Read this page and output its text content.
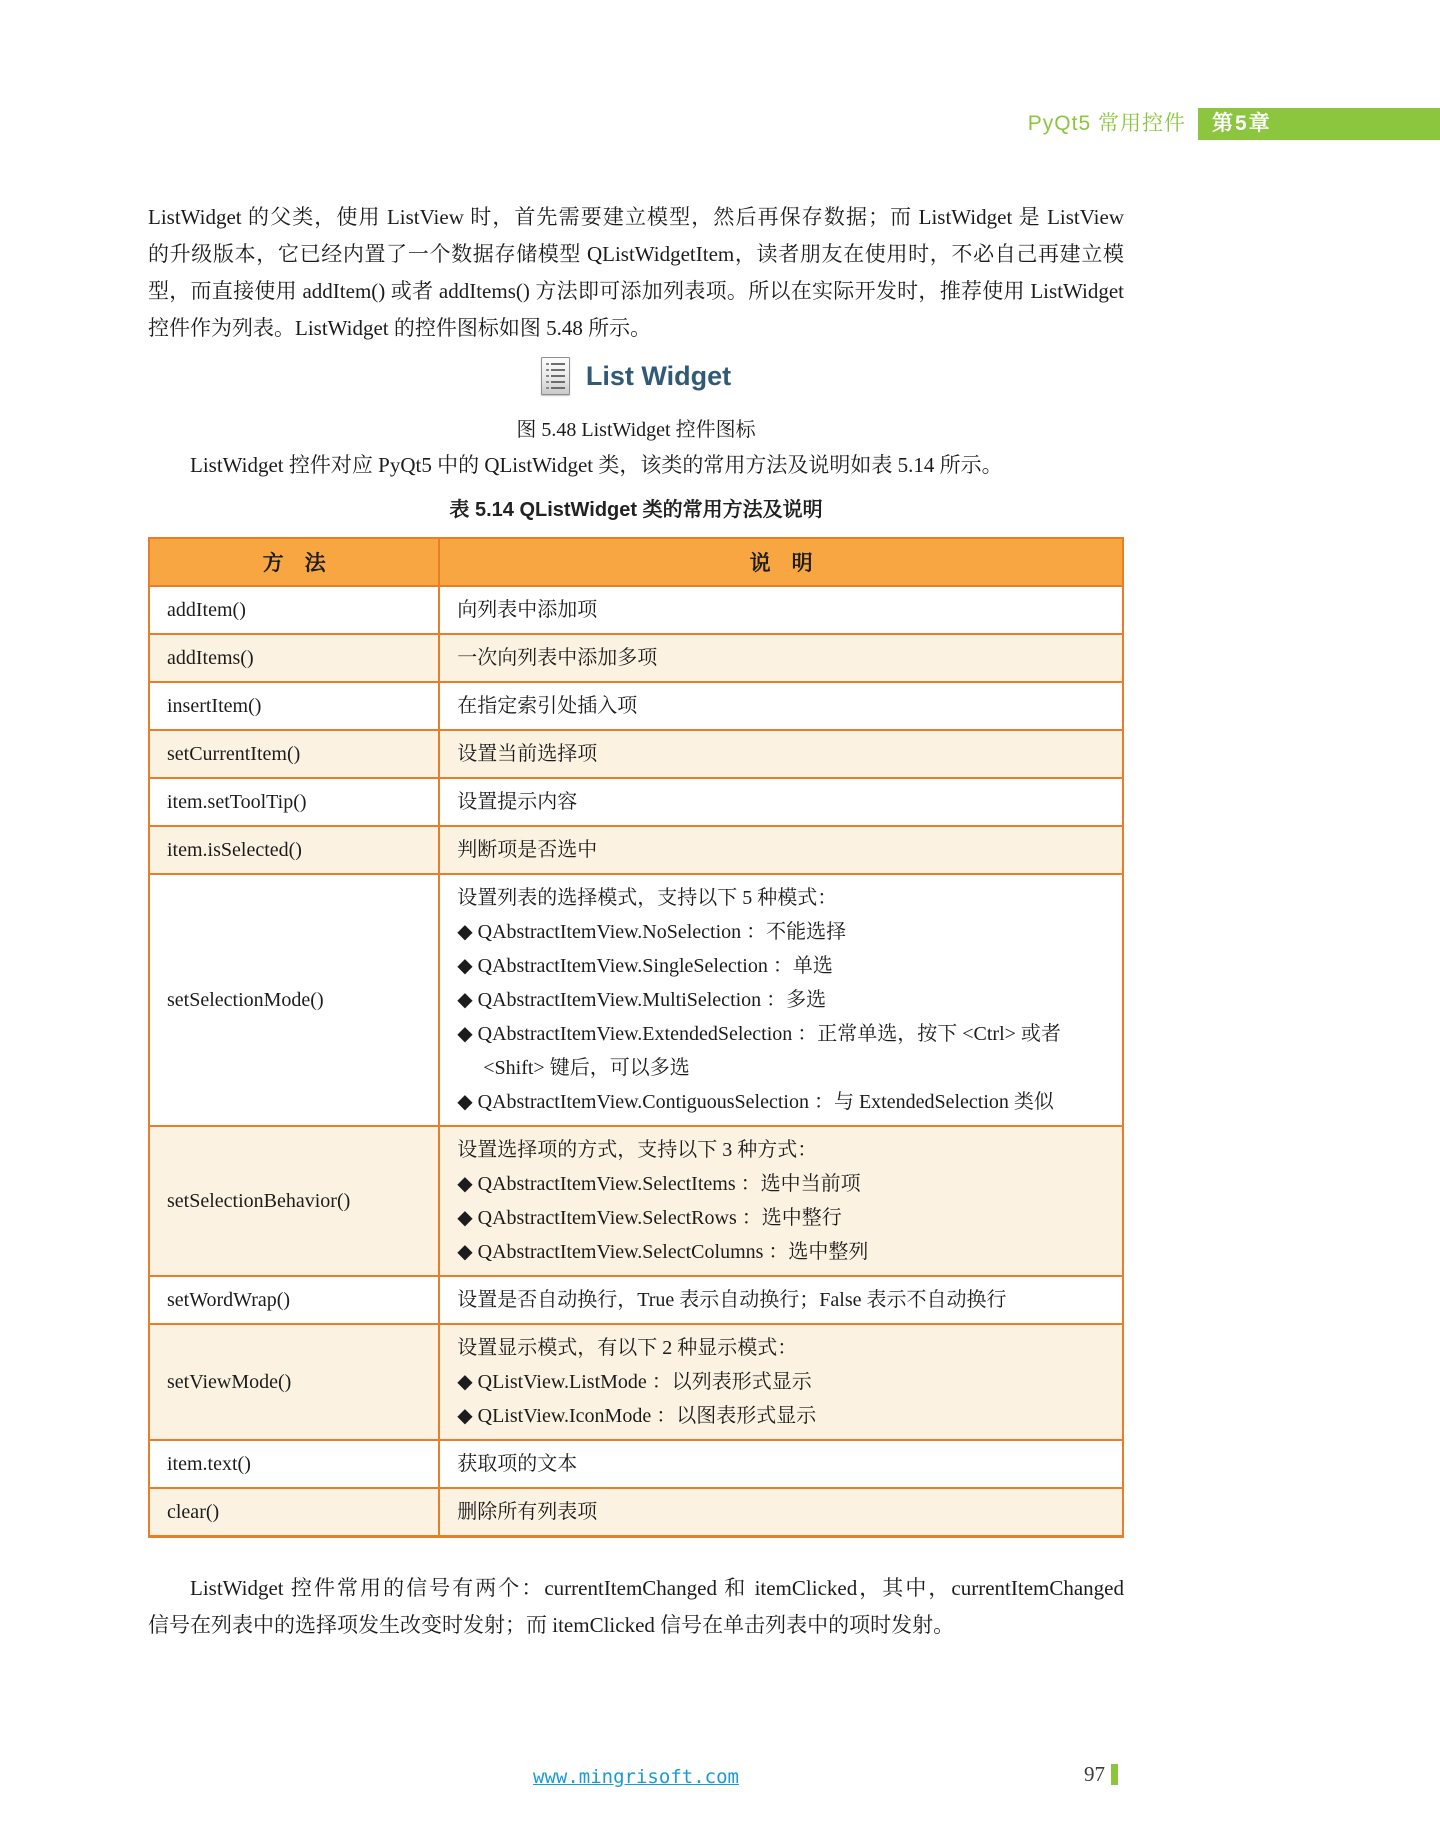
PyQt5 常用控件	第5章
ListWidget 的父类，使用 ListView 时，首先需要建立模型，然后再保存数据；而 ListWidget 是 ListView
的升级版本，它已经内置了一个数据存储模型 QListWidgetItem，读者朋友在使用时，不必自己再建立模
型，而直接使用 addItem() 或者 addItems() 方法即可添加列表项。所以在实际开发时，推荐使用 ListWidget
控件作为列表。ListWidget 的控件图标如图 5.48 所示。
List Widget
图 5.48 ListWidget 控件图标
ListWidget 控件对应 PyQt5 中的 QListWidget 类，该类的常用方法及说明如表 5.14 所示。
表 5.14 QListWidget 类的常用方法及说明
方　法	说　明
addItem()	向列表中添加项

addItems()	一次向列表中添加多项

insertItem()	在指定索引处插入项

setCurrentItem()	设置当前选择项

item.setToolTip()	设置提示内容

item.isSelected()	判断项是否选中

setSelectionMode()	
设置列表的选择模式，支持以下 5 种模式：
◆ QAbstractItemView.NoSelection ：不能选择
◆ QAbstractItemView.SingleSelection ：单选
◆ QAbstractItemView.MultiSelection ：多选
◆ QAbstractItemView.ExtendedSelection ：正常单选，按下 <Ctrl> 或者
<Shift> 键后，可以多选
◆ QAbstractItemView.ContiguousSelection ：与 ExtendedSelection 类似

setSelectionBehavior()	设置选择项的方式，支持以下 3 种方式：
◆ QAbstractItemView.SelectItems ：选中当前项
◆ QAbstractItemView.SelectRows ：选中整行
◆ QAbstractItemView.SelectColumns ：选中整列

setWordWrap()	设置是否自动换行，True 表示自动换行；False 表示不自动换行

setViewMode()	设置显示模式，有以下 2 种显示模式：
◆ QListView.ListMode ：以列表形式显示
◆ QListView.IconMode ：以图表形式显示

item.text()	获取项的文本

clear()	删除所有列表项
ListWidget 控件常用的信号有两个：currentItemChanged 和 itemClicked，其中，currentItemChanged
信号在列表中的选择项发生改变时发射；而 itemClicked 信号在单击列表中的项时发射。
www.mingrisoft.com	97
